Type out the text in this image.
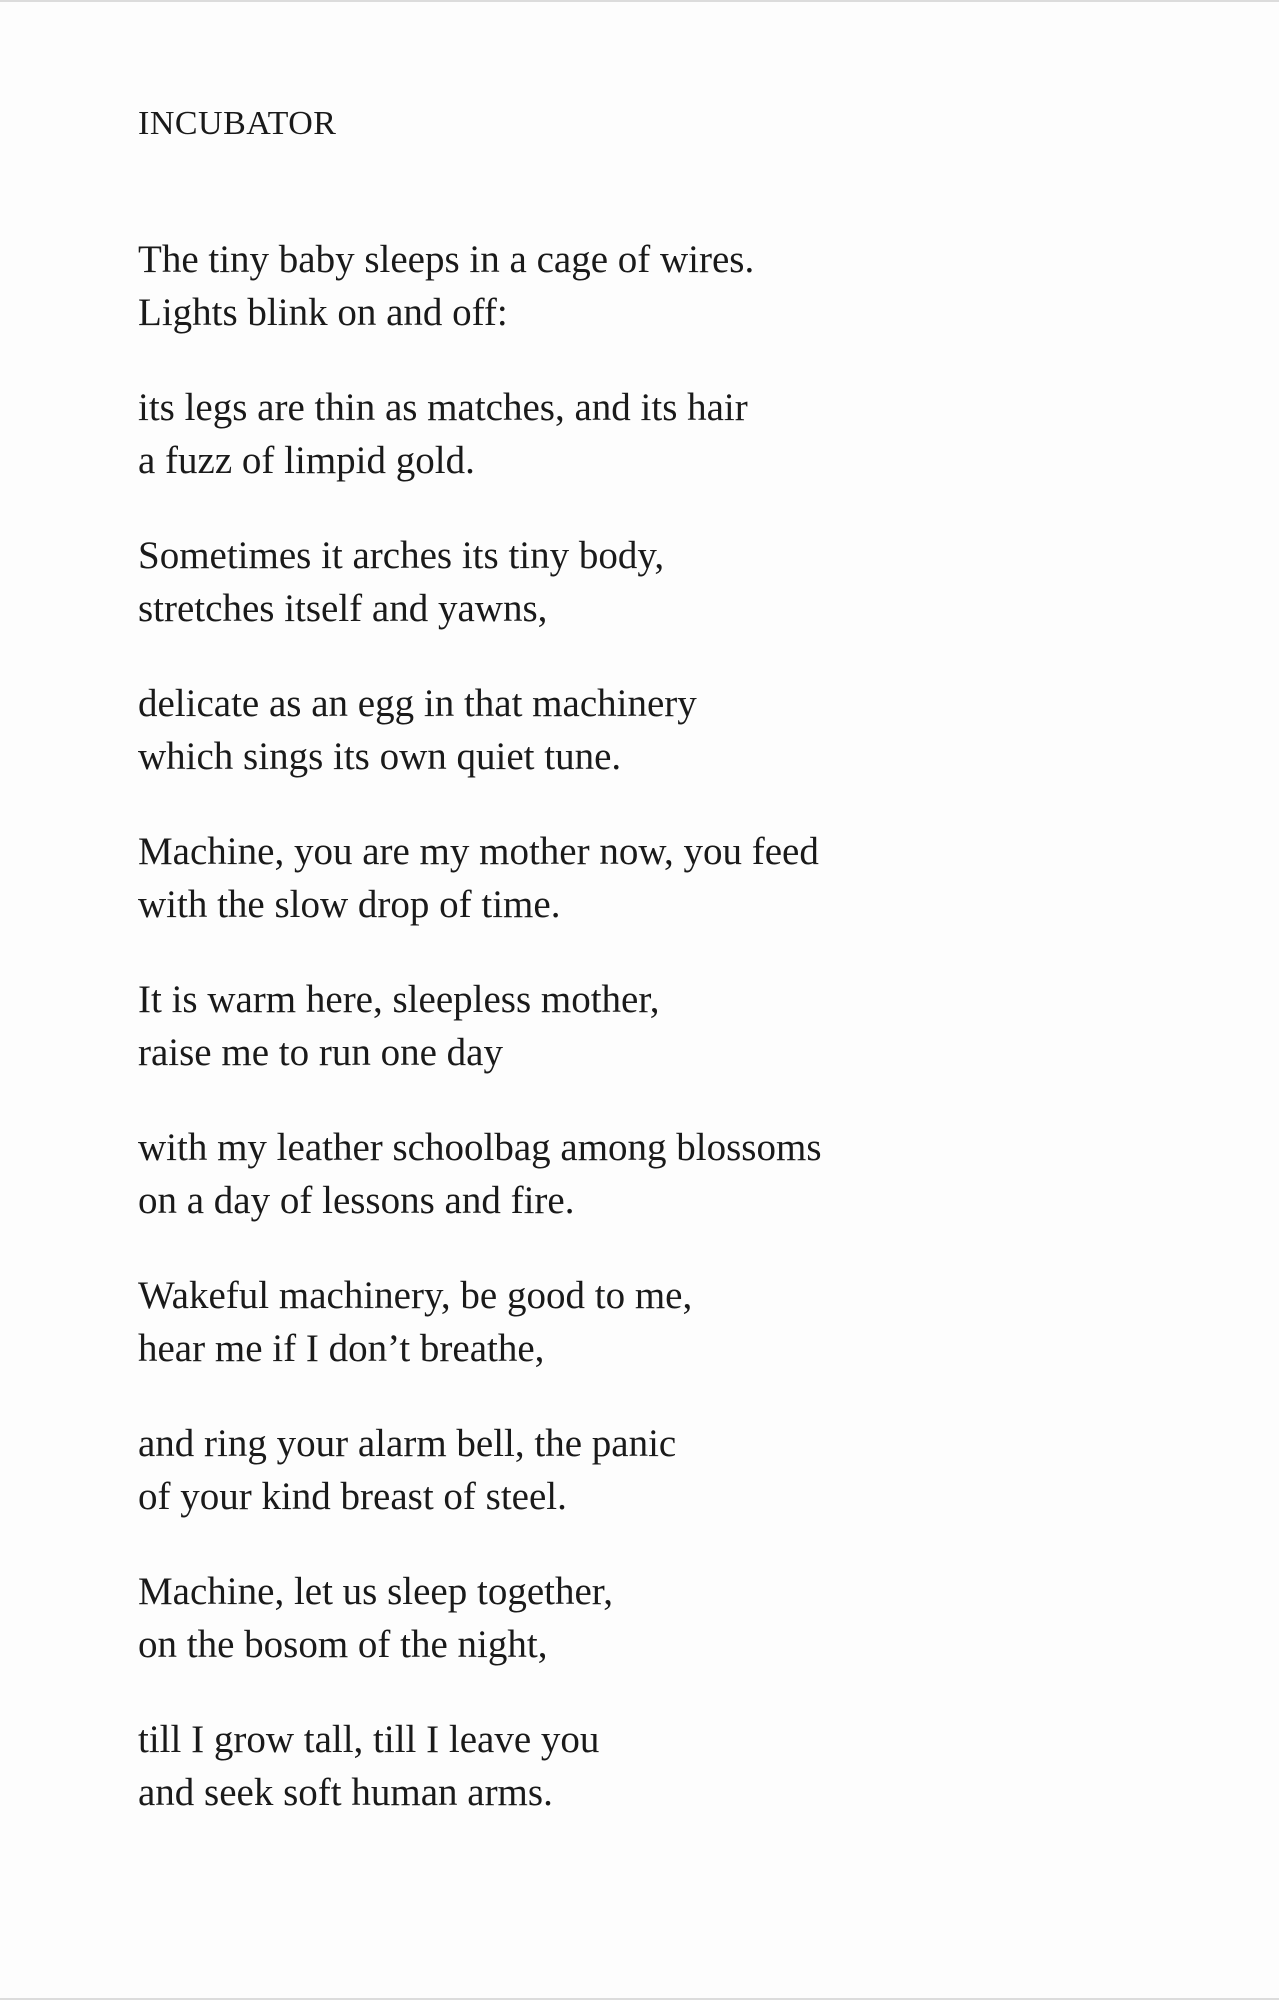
INCUBATOR

The tiny baby sleeps in a cage of wires.

Lights blink on and off:

its legs are thin as matches, and its hair

a fuzz of limpid gold.

Sometimes it arches its tiny body,

stretches itself and yawns,

delicate as an egg in that machinery

which sings its own quiet tune.

Machine, you are my mother now, you feed

with the slow drop of time.

It is warm here, sleepless mother,

raise me to run one day

with my leather schoolbag among blossoms

on a day of lessons and fire.

Wakeful machinery, be good to me,

hear me if I don’t breathe,

and ring your alarm bell, the panic

of your kind breast of steel.

Machine, let us sleep together,

on the bosom of the night,

till I grow tall, till I leave you

and seek soft human arms.
